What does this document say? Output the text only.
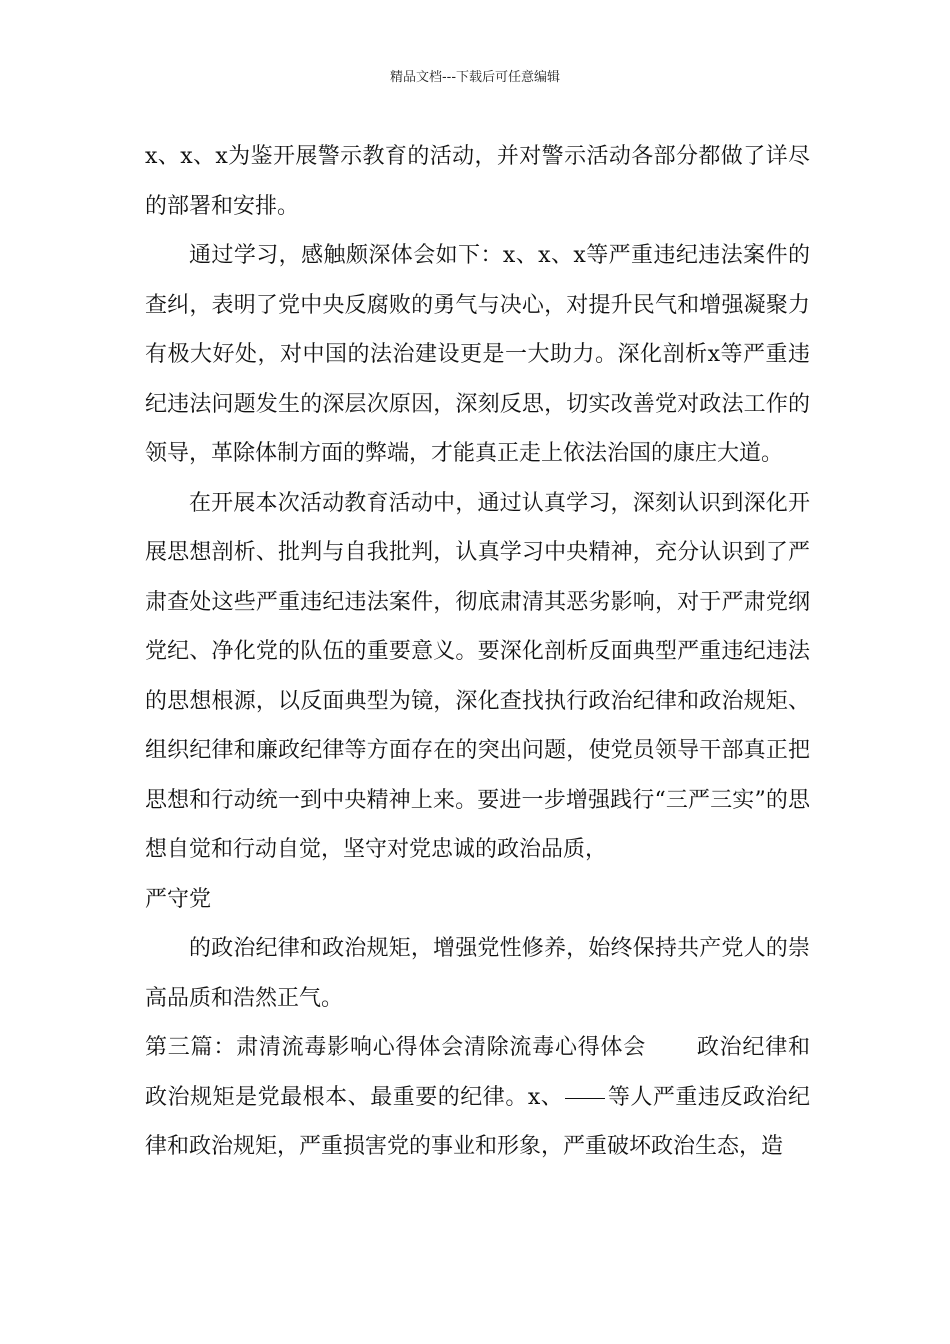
精品文档---下载后可任意编辑

x、x、x为鉴开展警示教育的活动，并对警示活动各部分都做了详尽的部署和安排。

通过学习，感触颇深体会如下：x、x、x等严重违纪违法案件的查纠，表明了党中央反腐败的勇气与决心，对提升民气和增强凝聚力有极大好处，对中国的法治建设更是一大助力。深化剖析x等严重违纪违法问题发生的深层次原因，深刻反思，切实改善党对政法工作的领导，革除体制方面的弊端，才能真正走上依法治国的康庄大道。

在开展本次活动教育活动中，通过认真学习，深刻认识到深化开展思想剖析、批判与自我批判，认真学习中央精神，充分认识到了严肃查处这些严重违纪违法案件，彻底肃清其恶劣影响，对于严肃党纲党纪、净化党的队伍的重要意义。要深化剖析反面典型严重违纪违法的思想根源，以反面典型为镜，深化查找执行政治纪律和政治规矩、组织纪律和廉政纪律等方面存在的突出问题，使党员领导干部真正把思想和行动统一到中央精神上来。要进一步增强践行“三严三实”的思想自觉和行动自觉，坚守对党忠诚的政治品质，

严守党

的政治纪律和政治规矩，增强党性修养，始终保持共产党人的崇高品质和浩然正气。

第三篇：肃清流毒影响心得体会清除流毒心得体会 政治纪律和政治规矩是党最根本、最重要的纪律。x、 等人严重违反政治纪律和政治规矩，严重损害党的事业和形象，严重破坏政治生态，造
